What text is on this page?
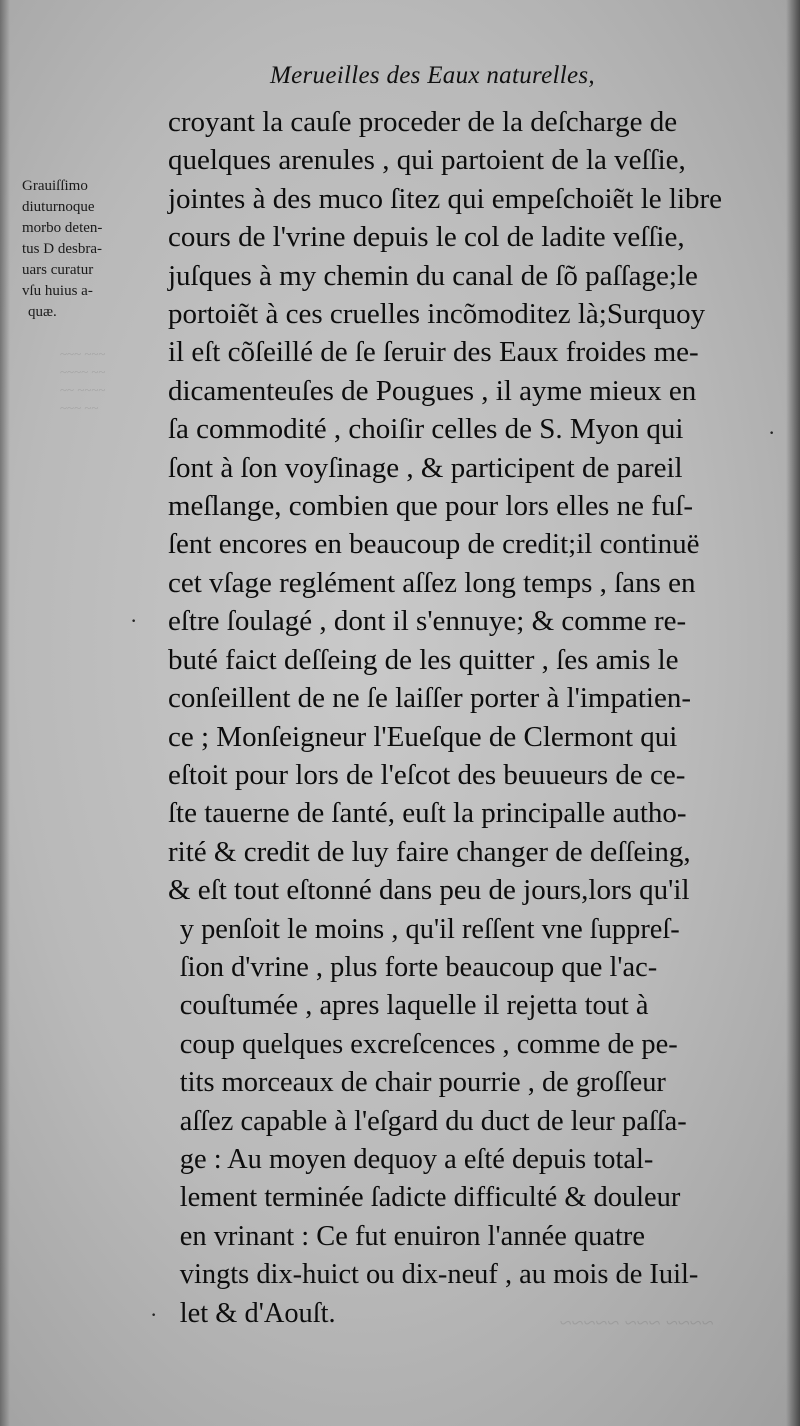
~~~ ~~~
~~~~ ~~
~~ ~~~~
~~~ ~~
~~~~ ~~~ ~~~~~
Merueilles des Eaux naturelles,
Grauiſſimo
diuturnoque
morbo deten-
tus D desbra-
uars curatur
vſu huius a-
quæ.
croyant la cauſe proceder de la deſcharge de
quelques arenules , qui partoient de la veſſie,
jointes à des muco ſitez qui empeſchoiẽt le libre
cours de l'vrine depuis le col de ladite veſſie,
juſques à my chemin du canal de ſõ paſſage;le
portoiẽt à ces cruelles incõmoditez là;Surquoy
il eſt cõſeillé de ſe ſeruir des Eaux froides me-
dicamenteuſes de Pougues , il ayme mieux en
ſa commodité , choiſir celles de S. Myon qui
ſont à ſon voyſinage , & participent de pareil
meſlange, combien que pour lors elles ne fuſ-
ſent encores en beaucoup de credit;il continuë
cet vſage reglément aſſez long temps , ſans en
eſtre ſoulagé , dont il s'ennuye; & comme re-
buté faict deſſeing de les quitter , ſes amis le
conſeillent de ne ſe laiſſer porter à l'impatien-
ce ; Monſeigneur l'Eueſque de Clermont qui
eſtoit pour lors de l'eſcot des beuueurs de ce-
ſte tauerne de ſanté, euſt la principalle autho-
rité & credit de luy faire changer de deſſeing,
& eſt tout eſtonné dans peu de jours,lors qu'il
y penſoit le moins , qu'il reſſent vne ſuppreſ-
ſion d'vrine , plus forte beaucoup que l'ac-
couſtumée , apres laquelle il rejetta tout à
coup quelques excreſcences , comme de pe-
tits morceaux de chair pourrie , de groſſeur
aſſez capable à l'eſgard du duct de leur paſſa-
ge : Au moyen dequoy a eſté depuis total-
lement terminée ſadicte difficulté & douleur
en vrinant : Ce fut enuiron l'année quatre
vingts dix-huict ou dix-neuf , au mois de Iuil-
let & d'Aouſt.
·
·
·
